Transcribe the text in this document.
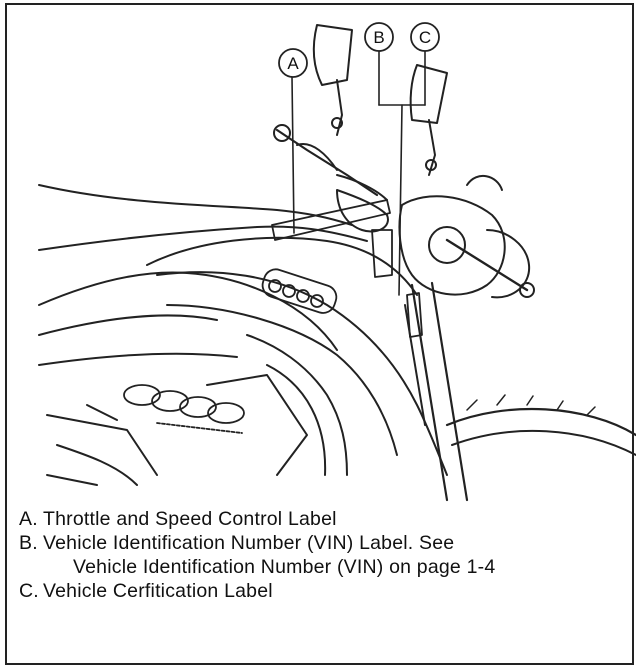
A
B C
A. Throttle and Speed Control Label
B. Vehicle Identification Number (VIN) Label. See
Vehicle Identification Number (VIN) on page 1-4
C. Vehicle Cerfitication Label
